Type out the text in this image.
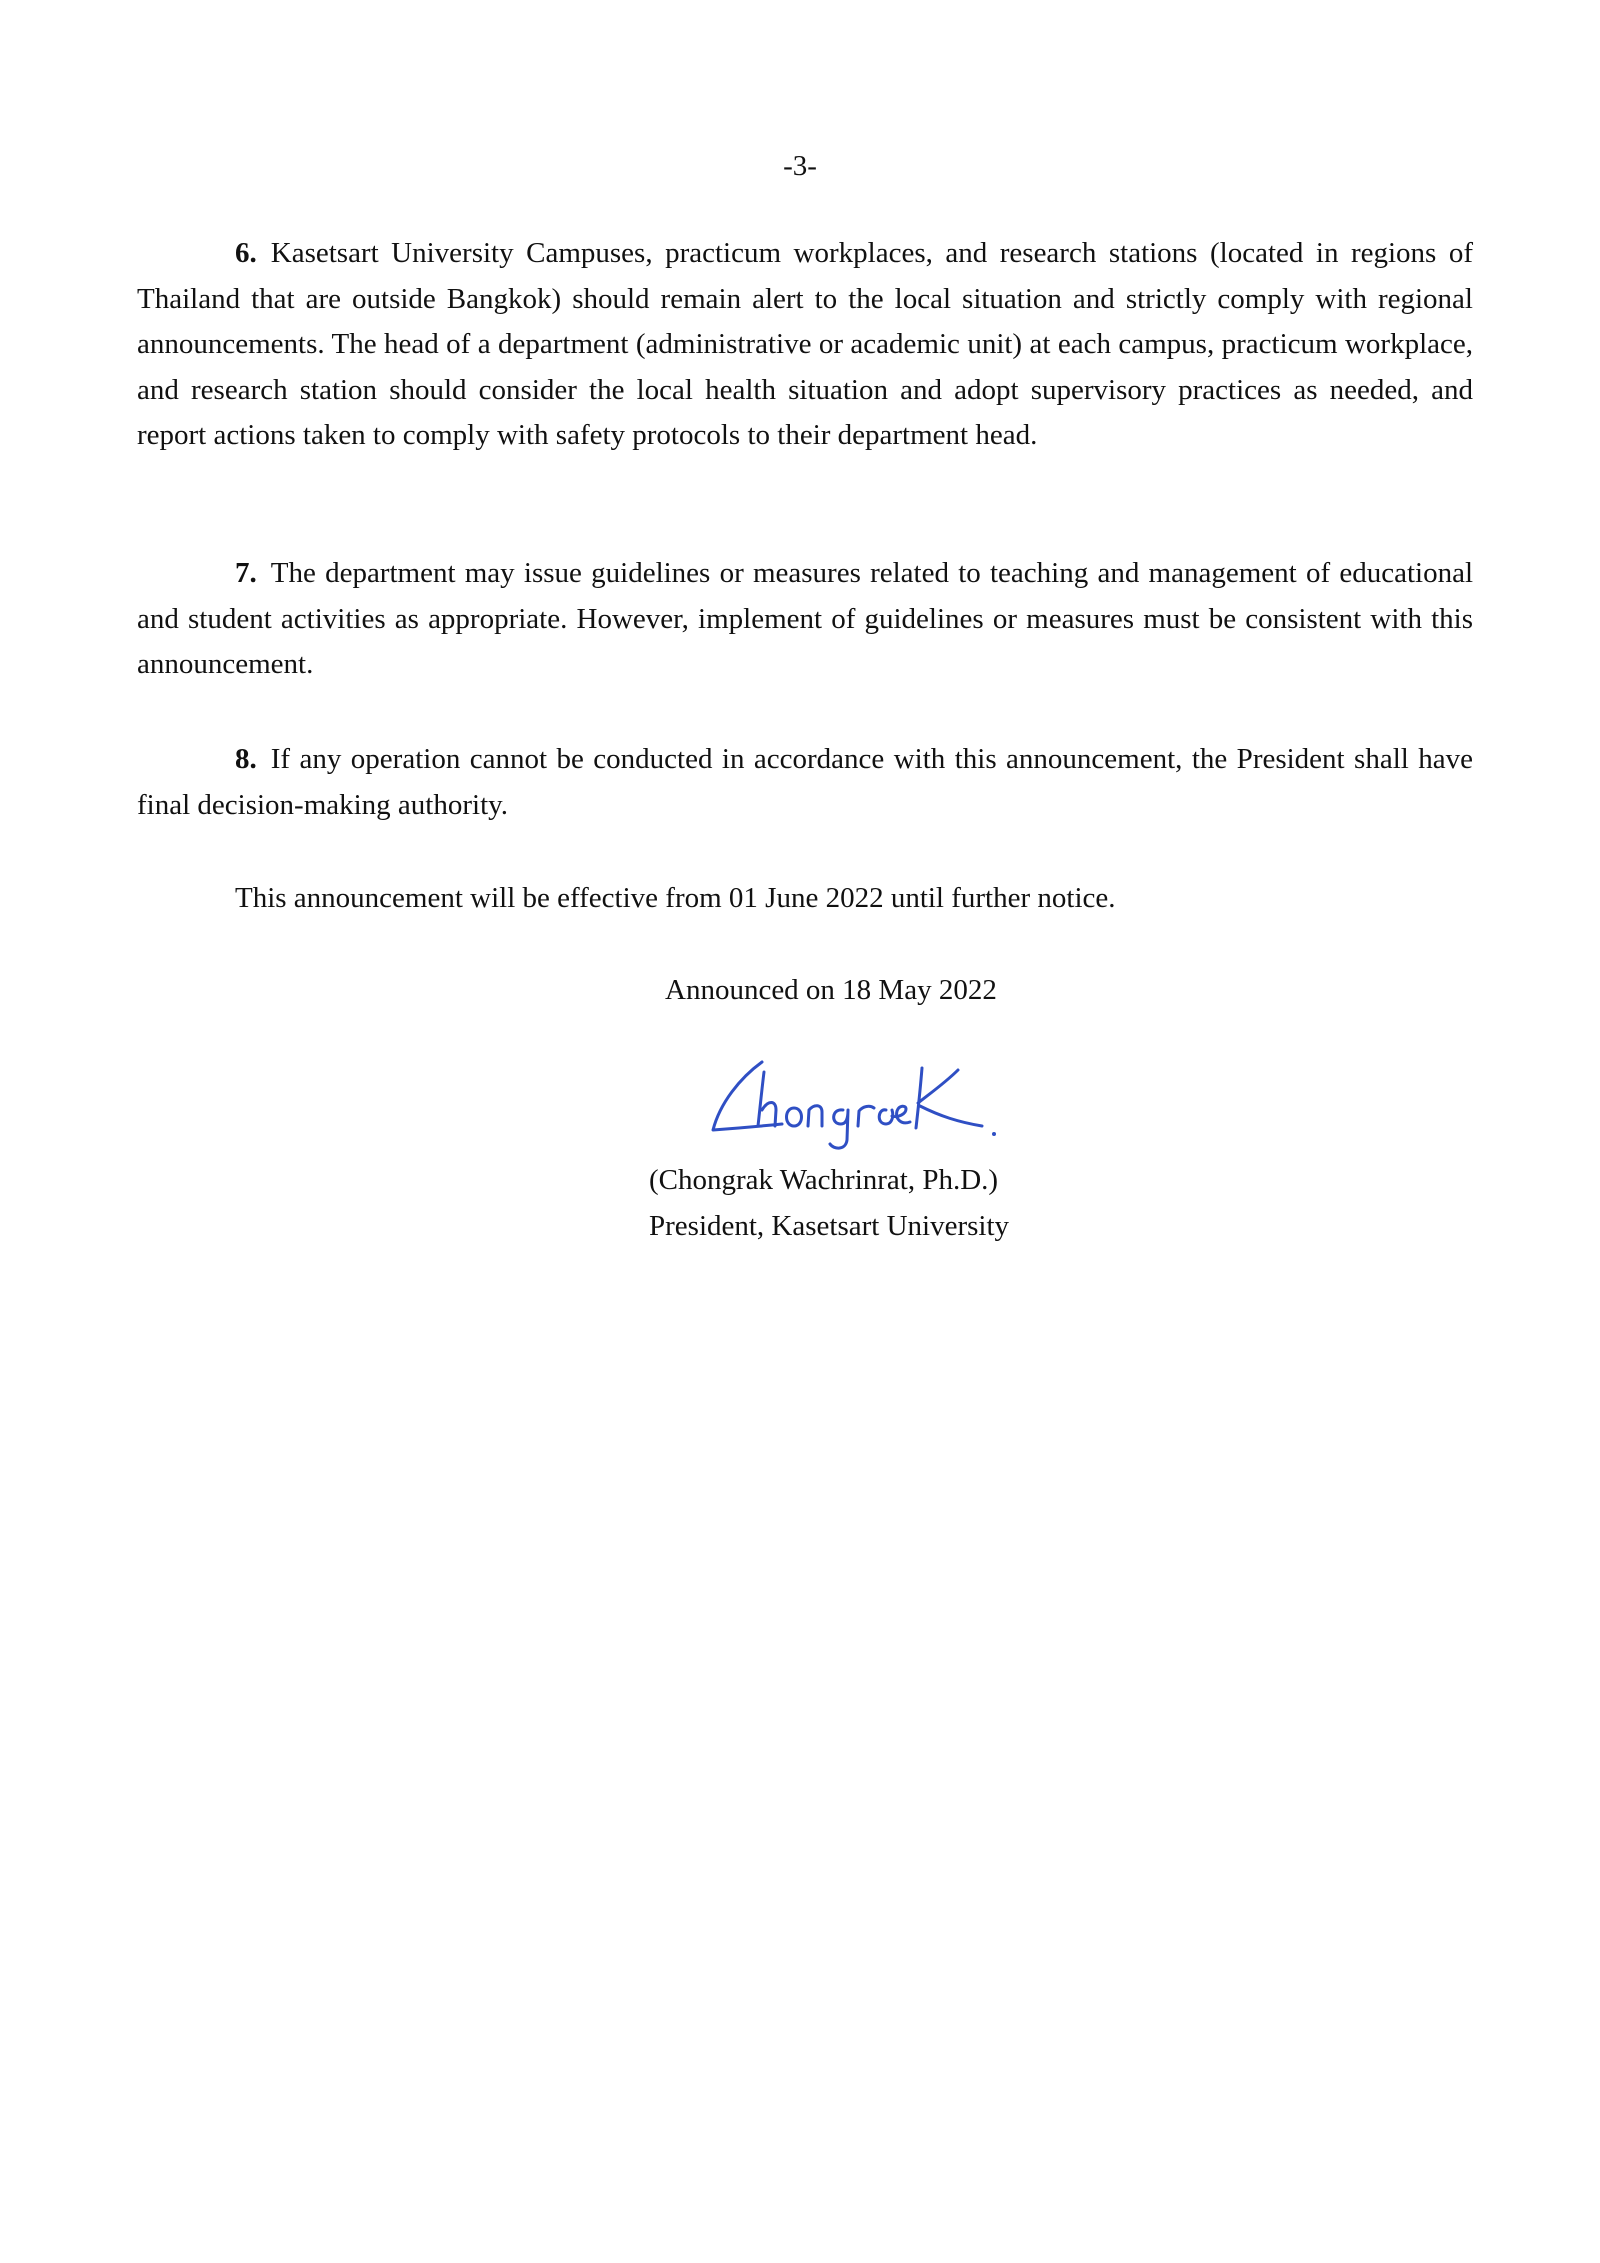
-3-

6. Kasetsart University Campuses, practicum workplaces, and research stations (located in regions of Thailand that are outside Bangkok) should remain alert to the local situation and strictly comply with regional announcements. The head of a department (administrative or academic unit) at each campus, practicum workplace, and research station should consider the local health situation and adopt supervisory practices as needed, and report actions taken to comply with safety protocols to their department head.

7. The department may issue guidelines or measures related to teaching and management of educational and student activities as appropriate. However, implement of guidelines or measures must be consistent with this announcement.

8. If any operation cannot be conducted in accordance with this announcement, the President shall have final decision-making authority.

This announcement will be effective from 01 June 2022 until further notice.

Announced on 18 May 2022

(Chongrak Wachrinrat, Ph.D.)

President, Kasetsart University
